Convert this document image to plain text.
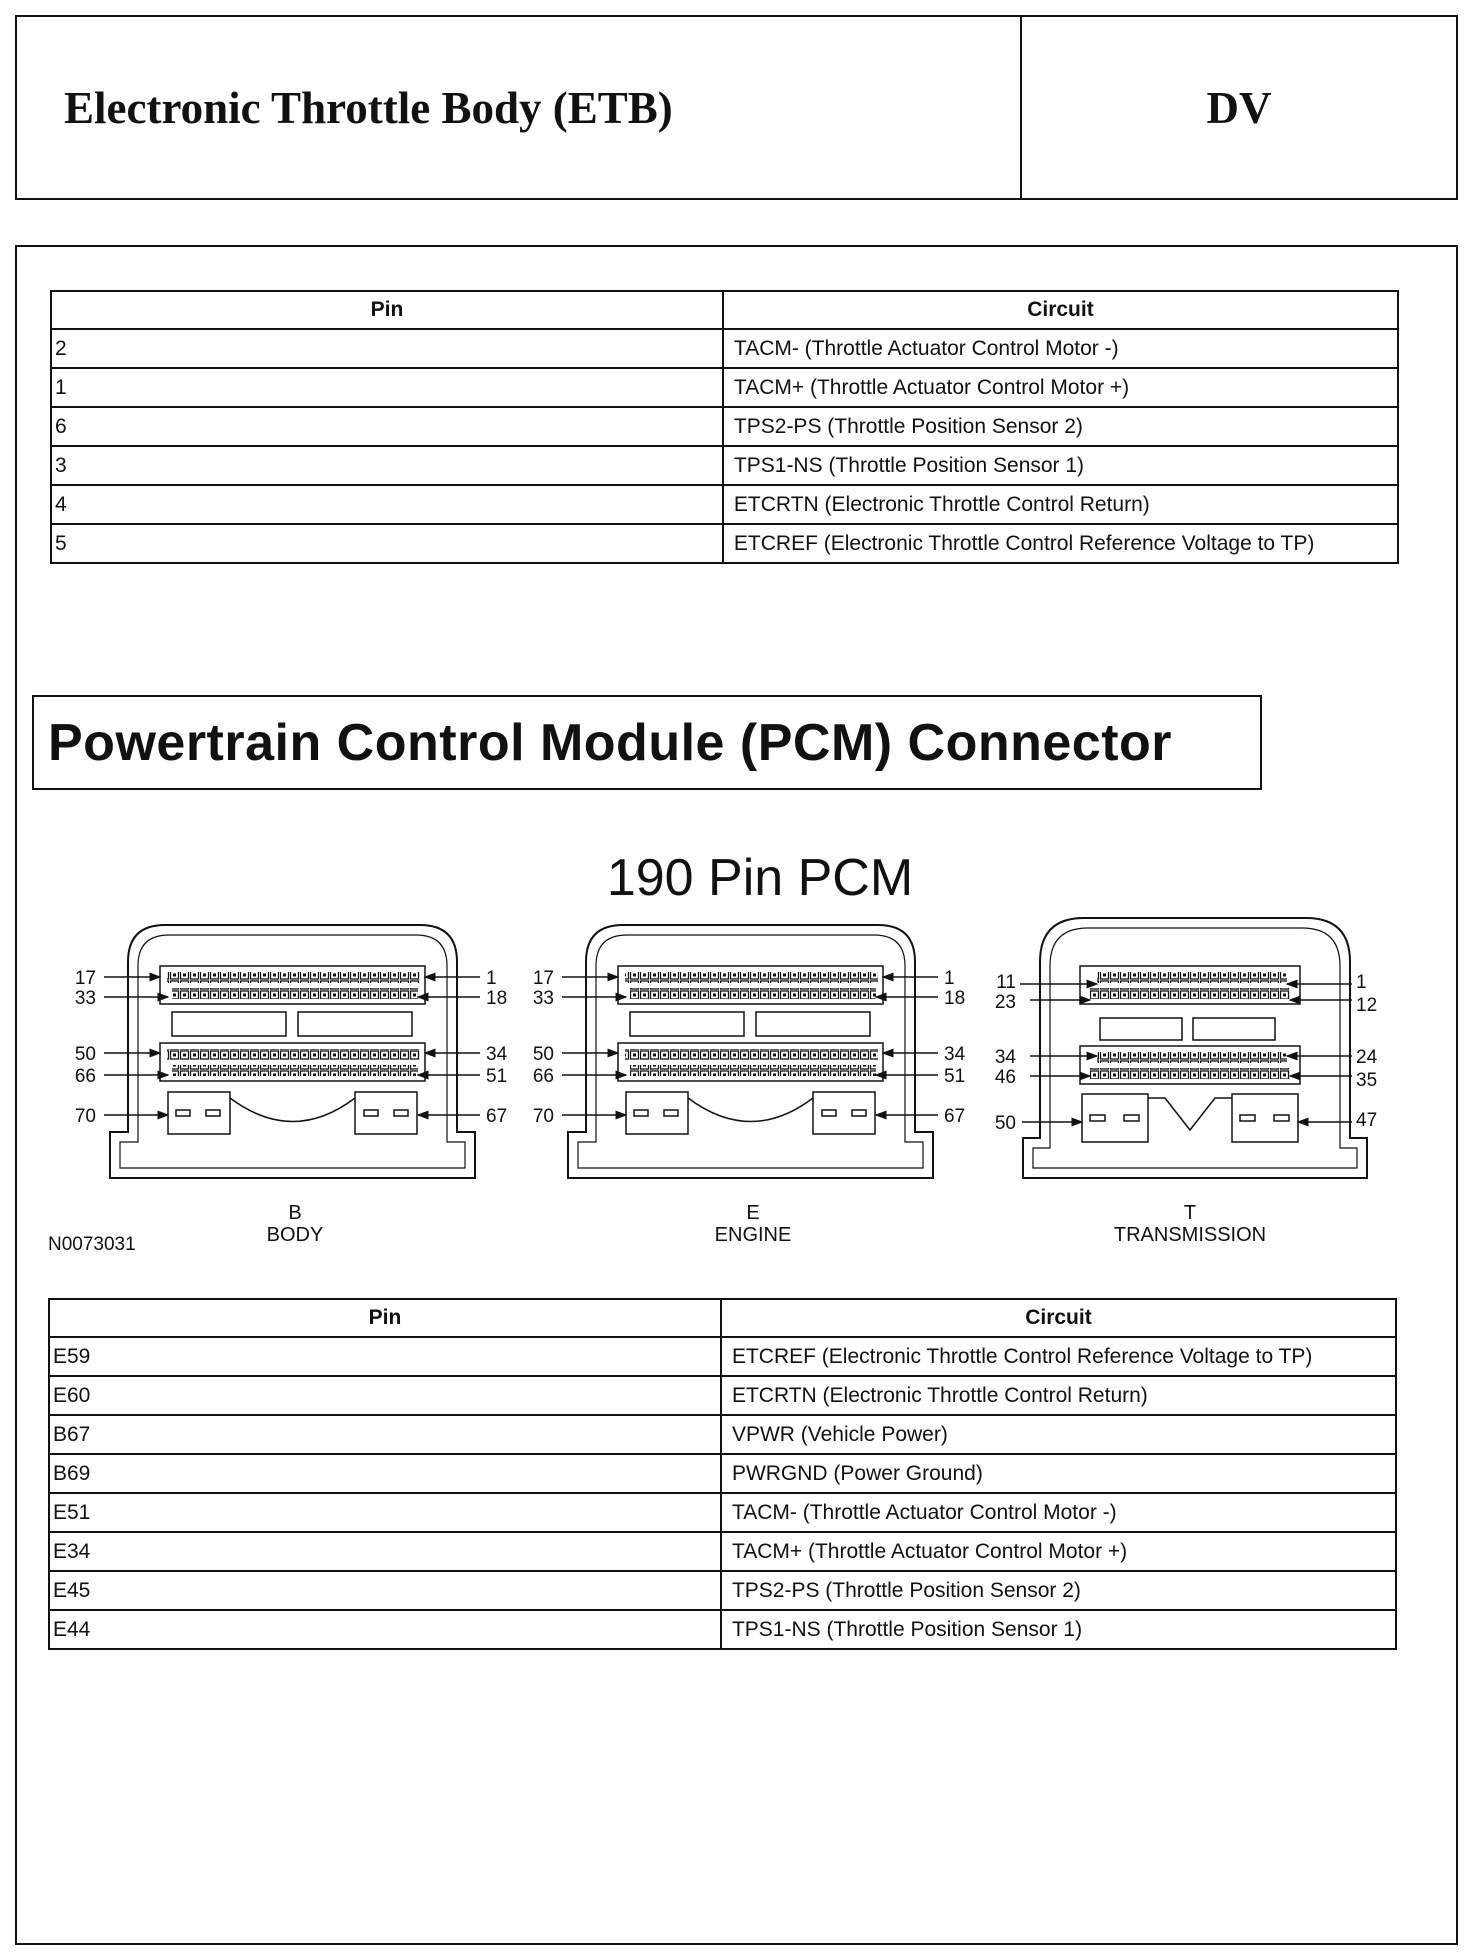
Electronic Throttle Body (ETB)	DV
Pin	Circuit
2	TACM- (Throttle Actuator Control Motor -)
1	TACM+ (Throttle Actuator Control Motor +)
6	TPS2-PS (Throttle Position Sensor 2)
3	TPS1-NS (Throttle Position Sensor 1)
4	ETCRTN (Electronic Throttle Control Return)
5	ETCREF (Electronic Throttle Control Reference Voltage to TP)
Powertrain Control Module (PCM) Connector
190 Pin PCM
17
33
50
66
70
1
18
34
51
67
17
33
50
66
70
1
18
34
51
67
11
23
34
46
50
1
12
24
35
47
B
BODY
E
ENGINE
T
TRANSMISSION
N0073031
Pin	Circuit
E59	ETCREF (Electronic Throttle Control Reference Voltage to TP)
E60	ETCRTN (Electronic Throttle Control Return)
B67	VPWR (Vehicle Power)
B69	PWRGND (Power Ground)
E51	TACM- (Throttle Actuator Control Motor -)
E34	TACM+ (Throttle Actuator Control Motor +)
E45	TPS2-PS (Throttle Position Sensor 2)
E44	TPS1-NS (Throttle Position Sensor 1)
